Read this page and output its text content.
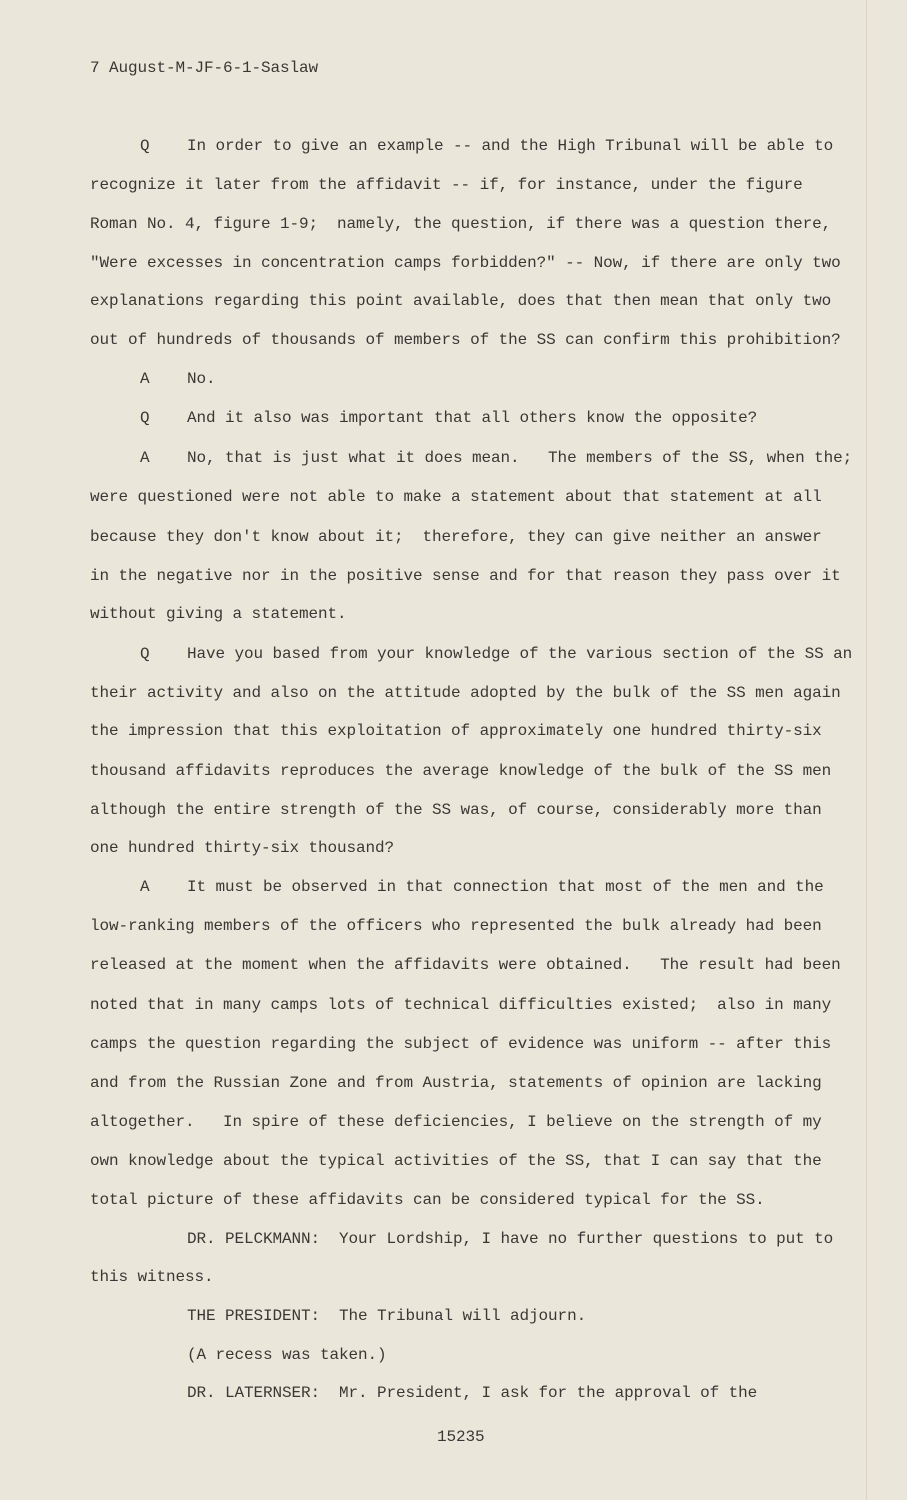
7 August-M-JF-6-1-Saslaw
Q In order to give an example -- and the High Tribunal will be able to
recognize it later from the affidavit -- if, for instance, under the figure
Roman No. 4, figure 1-9;  namely, the question, if there was a question there,
"Were excesses in concentration camps forbidden?" -- Now, if there are only two
explanations regarding this point available, does that then mean that only two
out of hundreds of thousands of members of the SS can confirm this prohibition?
A No.
Q And it also was important that all others know the opposite?
A No, that is just what it does mean.   The members of the SS, when the;
were questioned were not able to make a statement about that statement at all
because they don't know about it;  therefore, they can give neither an answer
in the negative nor in the positive sense and for that reason they pass over it
without giving a statement.
Q Have you based from your knowledge of the various section of the SS an
their activity and also on the attitude adopted by the bulk of the SS men again
the impression that this exploitation of approximately one hundred thirty-six
thousand affidavits reproduces the average knowledge of the bulk of the SS men
although the entire strength of the SS was, of course, considerably more than
one hundred thirty-six thousand?
A It must be observed in that connection that most of the men and the
low-ranking members of the officers who represented the bulk already had been
released at the moment when the affidavits were obtained.   The result had been
noted that in many camps lots of technical difficulties existed;  also in many
camps the question regarding the subject of evidence was uniform -- after this
and from the Russian Zone and from Austria, statements of opinion are lacking
altogether.   In spire of these deficiencies, I believe on the strength of my
own knowledge about the typical activities of the SS, that I can say that the
total picture of these affidavits can be considered typical for the SS.
DR. PELCKMANN:  Your Lordship, I have no further questions to put to
this witness.
THE PRESIDENT:  The Tribunal will adjourn.
(A recess was taken.)
DR. LATERNSER:  Mr. President, I ask for the approval of the
15235
